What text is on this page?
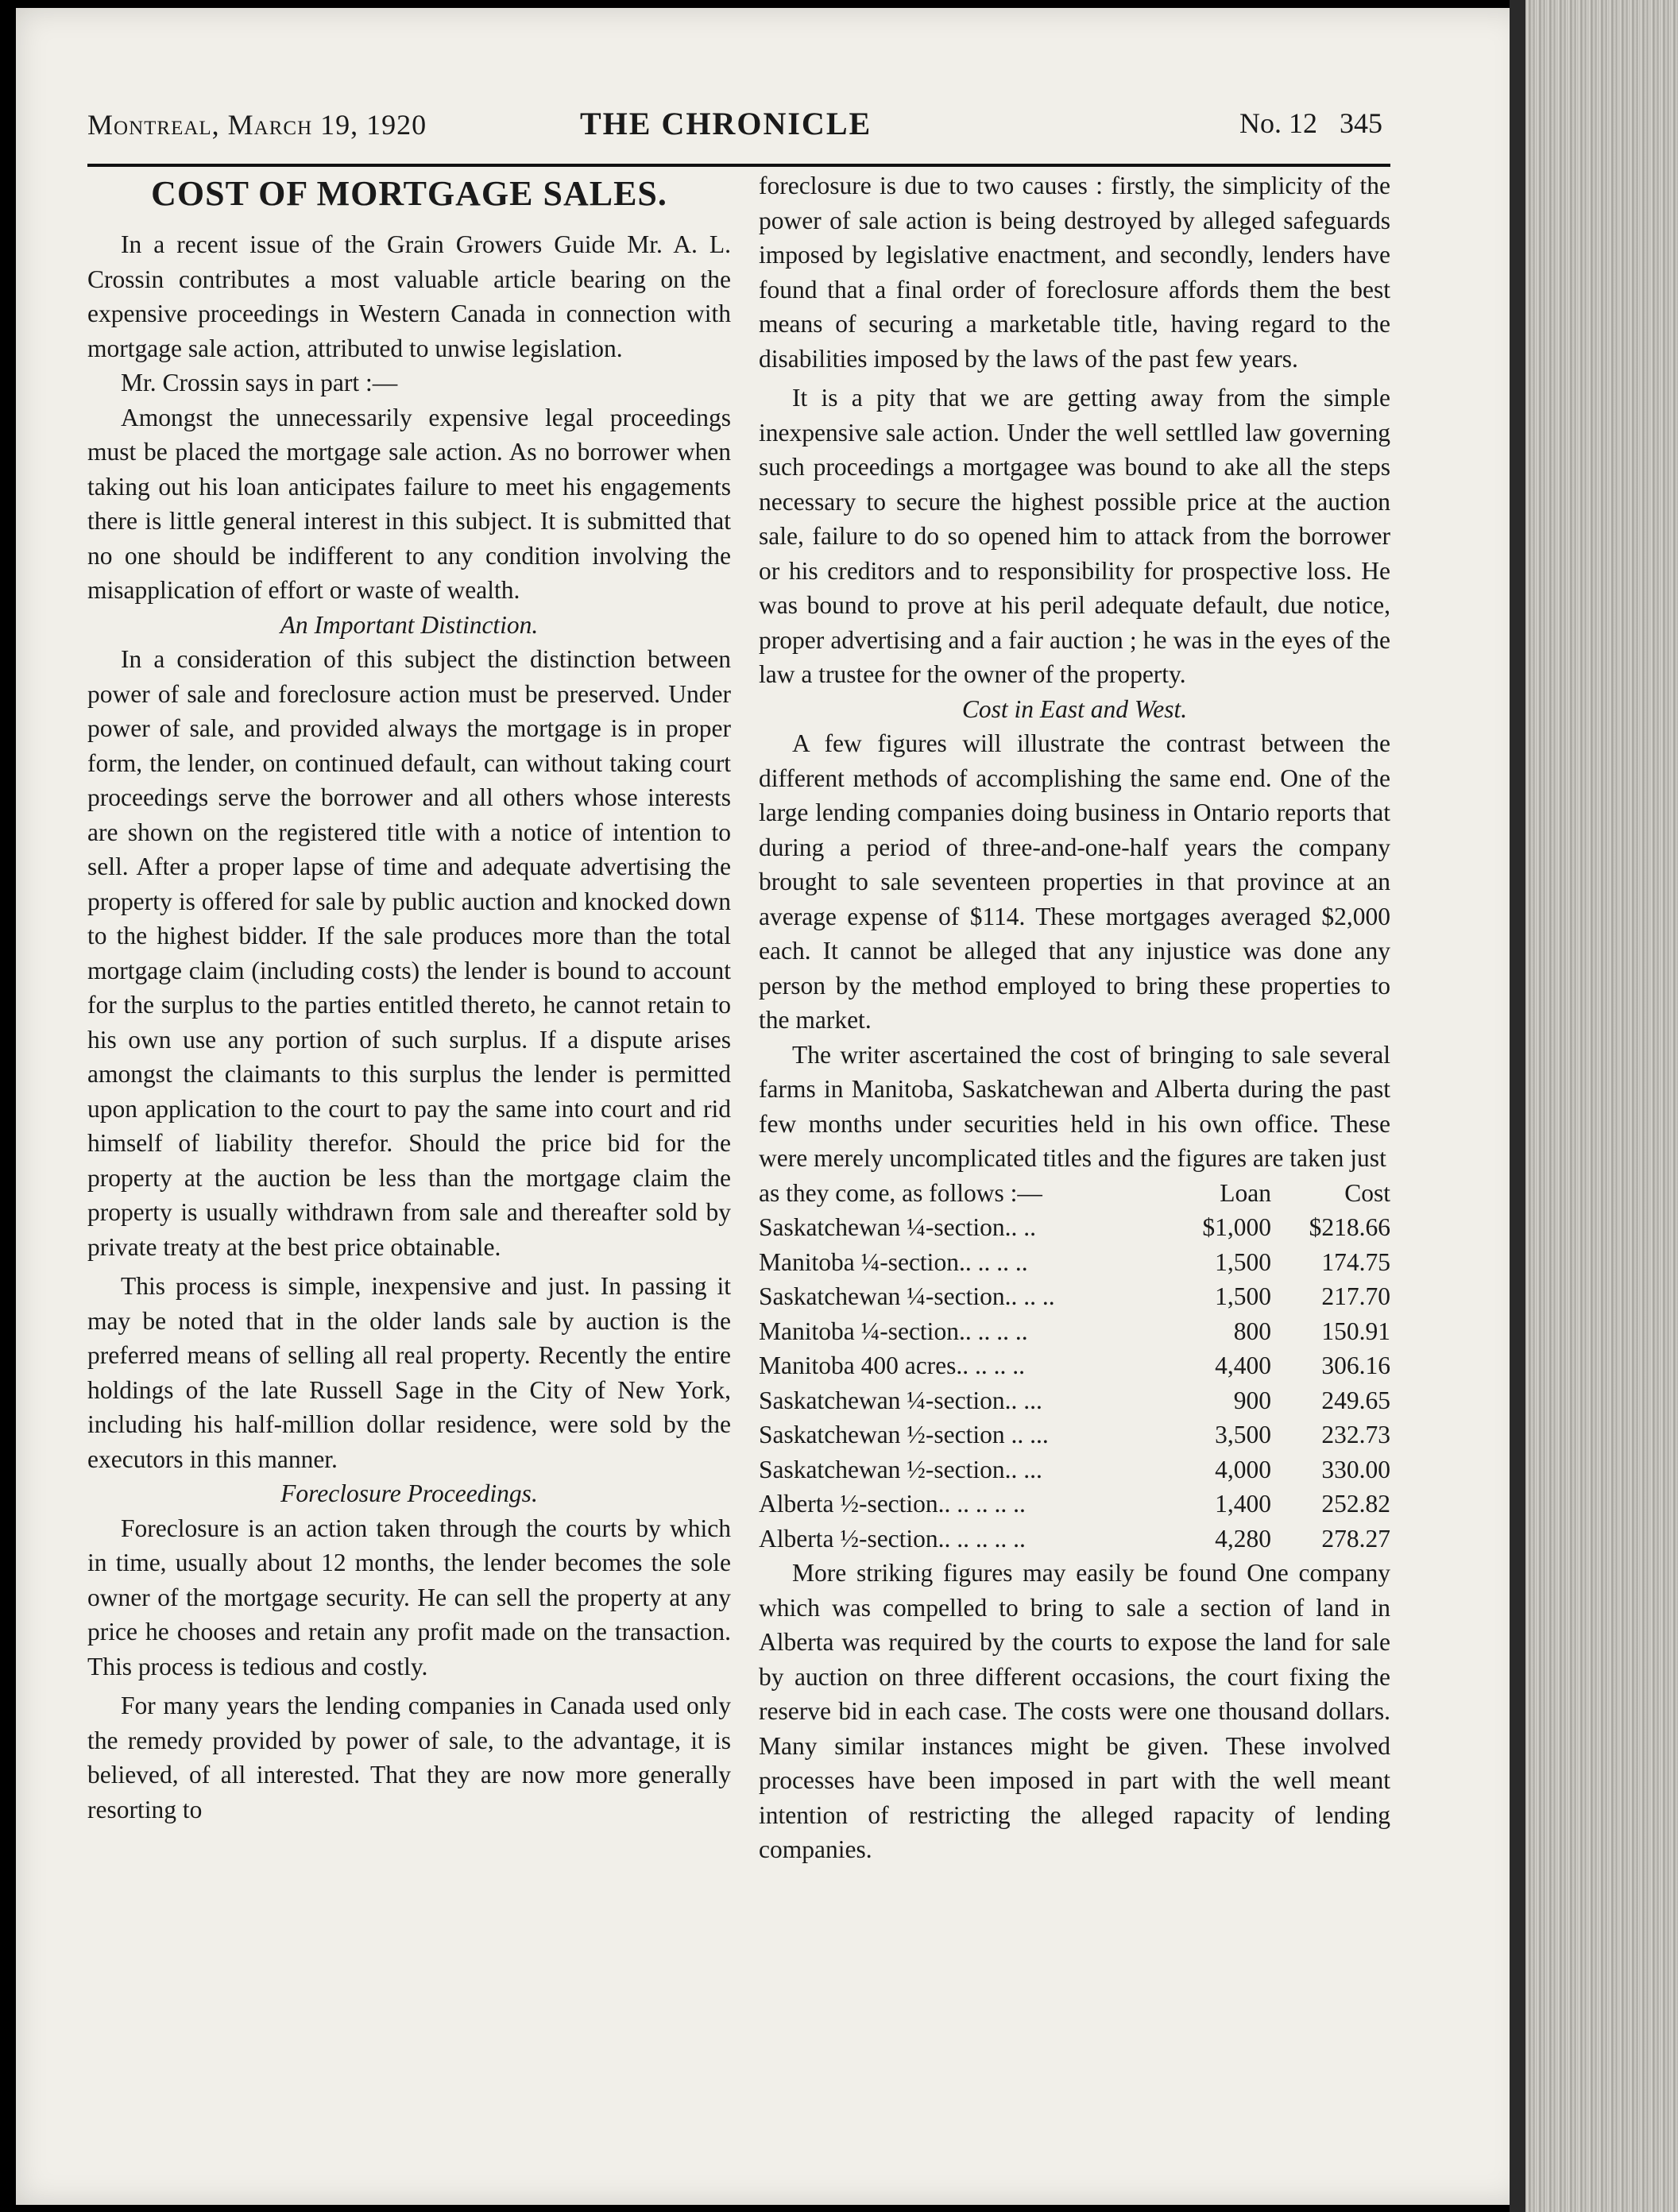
Montreal, March 19, 1920	THE CHRONICLE	No. 12 345
COST OF MORTGAGE SALES.

In a recent issue of the Grain Growers Guide Mr. A. L. Crossin contributes a most valuable article bearing on the expensive proceedings in Western Canada in connection with mortgage sale action, attributed to unwise legislation.

Mr. Crossin says in part :—

Amongst the unnecessarily expensive legal proceedings must be placed the mortgage sale action. As no borrower when taking out his loan anticipates failure to meet his engagements there is little general interest in this subject. It is submitted that no one should be indifferent to any condition involving the misapplication of effort or waste of wealth.

An Important Distinction.

In a consideration of this subject the distinction between power of sale and foreclosure action must be preserved. Under power of sale, and provided always the mortgage is in proper form, the lender, on continued default, can without taking court proceedings serve the borrower and all others whose interests are shown on the registered title with a notice of intention to sell. After a proper lapse of time and adequate advertising the property is offered for sale by public auction and knocked down to the highest bidder. If the sale produces more than the total mortgage claim (including costs) the lender is bound to account for the surplus to the parties entitled thereto, he cannot retain to his own use any portion of such surplus. If a dispute arises amongst the claimants to this surplus the lender is permitted upon application to the court to pay the same into court and rid himself of liability therefor. Should the price bid for the property at the auction be less than the mortgage claim the property is usually withdrawn from sale and thereafter sold by private treaty at the best price obtainable.

This process is simple, inexpensive and just. In passing it may be noted that in the older lands sale by auction is the preferred means of selling all real property. Recently the entire holdings of the late Russell Sage in the City of New York, including his half-million dollar residence, were sold by the executors in this manner.

Foreclosure Proceedings.

Foreclosure is an action taken through the courts by which in time, usually about 12 months, the lender becomes the sole owner of the mortgage security. He can sell the property at any price he chooses and retain any profit made on the transaction. This process is tedious and costly.

For many years the lending companies in Canada used only the remedy provided by power of sale, to the advantage, it is believed, of all interested. That they are now more generally resorting to

foreclosure is due to two causes : firstly, the simplicity of the power of sale action is being destroyed by alleged safeguards imposed by legislative enactment, and secondly, lenders have found that a final order of foreclosure affords them the best means of securing a marketable title, having regard to the disabilities imposed by the laws of the past few years.

It is a pity that we are getting away from the simple inexpensive sale action. Under the well settlled law governing such proceedings a mortgagee was bound to ake all the steps necessary to secure the highest possible price at the auction sale, failure to do so opened him to attack from the borrower or his creditors and to responsibility for prospective loss. He was bound to prove at his peril adequate default, due notice, proper advertising and a fair auction ; he was in the eyes of the law a trustee for the owner of the property.

Cost in East and West.

A few figures will illustrate the contrast between the different methods of accomplishing the same end. One of the large lending companies doing business in Ontario reports that during a period of three-and-one-half years the company brought to sale seventeen properties in that province at an average expense of $114. These mortgages averaged $2,000 each. It cannot be alleged that any injustice was done any person by the method employed to bring these properties to the market.

The writer ascertained the cost of bringing to sale several farms in Manitoba, Saskatchewan and Alberta during the past few months under securities held in his own office. These were merely uncomplicated titles and the figures are taken just

as they come, as follows :—	Loan	Cost
Saskatchewan ¼-section.. ..	$1,000	$218.66
Manitoba ¼-section.. .. .. ..	1,500	174.75
Saskatchewan ¼-section.. .. ..	1,500	217.70
Manitoba ¼-section.. .. .. ..	800	150.91
Manitoba 400 acres.. .. .. ..	4,400	306.16
Saskatchewan ¼-section.. ...	900	249.65
Saskatchewan ½-section .. ...	3,500	232.73
Saskatchewan ½-section.. ...	4,000	330.00
Alberta ½-section.. .. .. .. ..	1,400	252.82
Alberta ½-section.. .. .. .. ..	4,280	278.27

More striking figures may easily be found One company which was compelled to bring to sale a section of land in Alberta was required by the courts to expose the land for sale by auction on three different occasions, the court fixing the reserve bid in each case. The costs were one thousand dollars. Many similar instances might be given. These involved processes have been imposed in part with the well meant intention of restricting the alleged rapacity of lending companies.
